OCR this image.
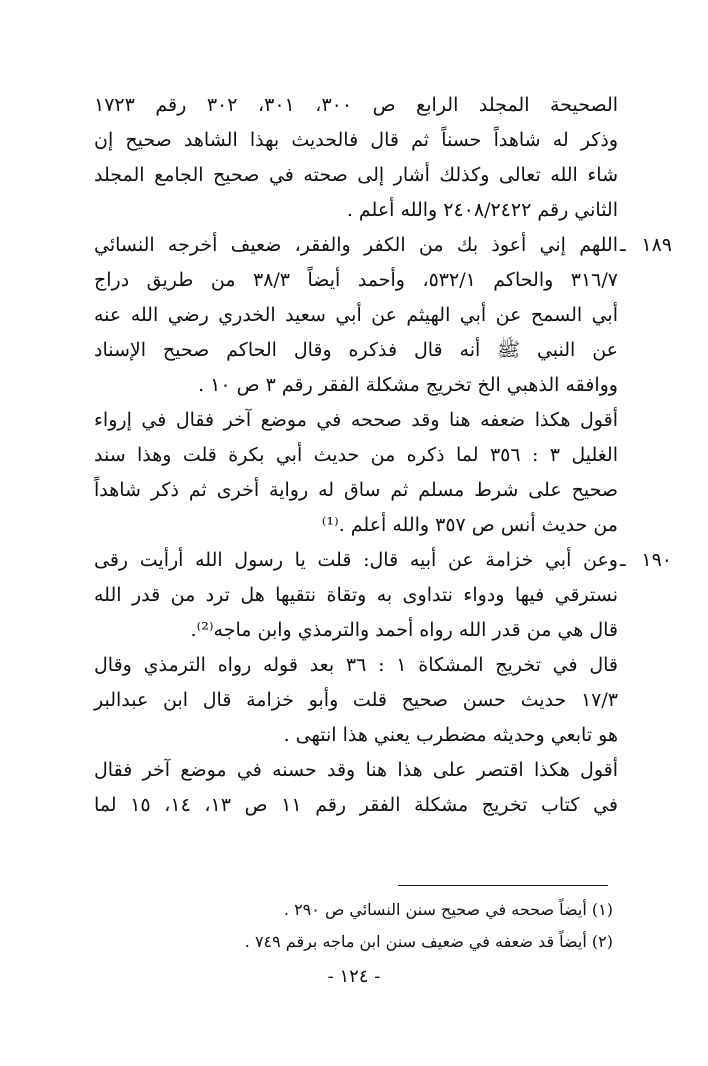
الصحيحة المجلد الرابع ص ٣٠٠، ٣٠١، ٣٠٢ رقم ١٧٢٣
وذكر له شاهداً حسناً ثم قال فالحديث بهذا الشاهد صحيح إن
شاء الله تعالى وكذلك أشار إلى صحته في صحيح الجامع المجلد
الثاني رقم ٢٤٠٨/٢٤٢٢ والله أعلم .
١٨٩ ـ
اللهم إني أعوذ بك من الكفر والفقر، ضعيف أخرجه النسائي
٣١٦/٧ والحاكم ٥٣٢/١، وأحمد أيضاً ٣٨/٣ من طريق دراج
أبي السمح عن أبي الهيثم عن أبي سعيد الخدري رضي الله عنه
عن النبي ﷺ أنه قال فذكره وقال الحاكم صحيح الإسناد
ووافقه الذهبي الخ تخريج مشكلة الفقر رقم ٣ ص ١٠ .
أقول هكذا ضعفه هنا وقد صححه في موضع آخر فقال في إرواء
الغليل ٣ : ٣٥٦ لما ذكره من حديث أبي بكرة قلت وهذا سند
صحيح على شرط مسلم ثم ساق له رواية أخرى ثم ذكر شاهداً
من حديث أنس ص ٣٥٧ والله أعلم .⁽¹⁾
١٩٠ ـ
وعن أبي خزامة عن أبيه قال: قلت يا رسول الله أرأيت رقى
نسترقي فيها ودواء نتداوى به وتقاة نتقيها هل ترد من قدر الله
قال هي من قدر الله رواه أحمد والترمذي وابن ماجه⁽²⁾.
قال في تخريج المشكاة ١ : ٣٦ بعد قوله رواه الترمذي وقال
١٧/٣ حديث حسن صحيح قلت وأبو خزامة قال ابن عبدالبر
هو تابعي وحديثه مضطرب يعني هذا انتهى .
أقول هكذا اقتصر على هذا هنا وقد حسنه في موضع آخر فقال
في كتاب تخريج مشكلة الفقر رقم ١١ ص ١٣، ١٤، ١٥ لما
(١) أيضاً صححه في صحيح سنن النسائي ص ٢٩٠ .
(٢) أيضاً قد ضعفه في ضعيف سنن ابن ماجه برقم ٧٤٩ .
- ١٢٤ -
